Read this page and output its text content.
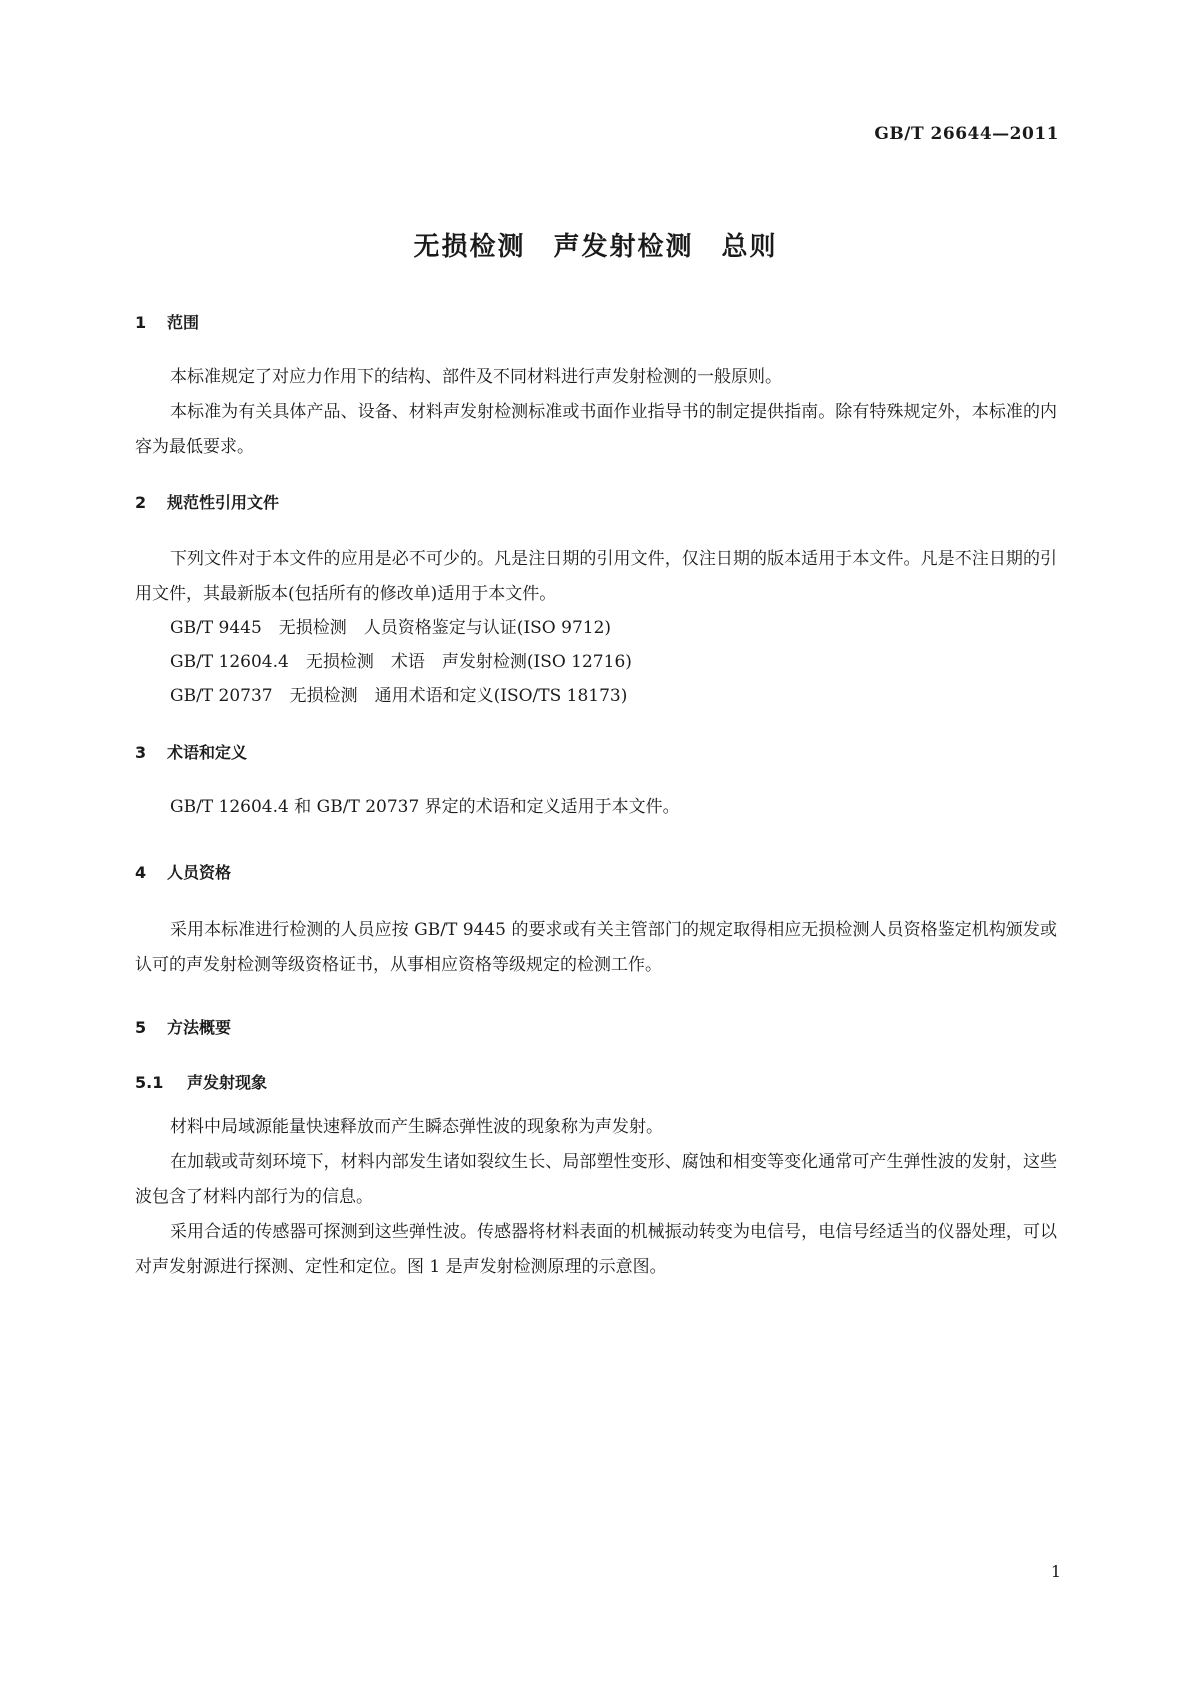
GB/T 26644—2011
无损检测　声发射检测　总则
1 范围
本标准规定了对应力作用下的结构、部件及不同材料进行声发射检测的一般原则。
本标准为有关具体产品、设备、材料声发射检测标准或书面作业指导书的制定提供指南。除有特殊规定外，本标准的内容为最低要求。
2 规范性引用文件
下列文件对于本文件的应用是必不可少的。凡是注日期的引用文件，仅注日期的版本适用于本文件。凡是不注日期的引用文件，其最新版本(包括所有的修改单)适用于本文件。
GB/T 9445　无损检测　人员资格鉴定与认证(ISO 9712)
GB/T 12604.4　无损检测　术语　声发射检测(ISO 12716)
GB/T 20737　无损检测　通用术语和定义(ISO/TS 18173)
3 术语和定义
GB/T 12604.4 和 GB/T 20737 界定的术语和定义适用于本文件。
4 人员资格
采用本标准进行检测的人员应按 GB/T 9445 的要求或有关主管部门的规定取得相应无损检测人员资格鉴定机构颁发或认可的声发射检测等级资格证书，从事相应资格等级规定的检测工作。
5 方法概要
5.1 声发射现象
材料中局域源能量快速释放而产生瞬态弹性波的现象称为声发射。
在加载或苛刻环境下，材料内部发生诸如裂纹生长、局部塑性变形、腐蚀和相变等变化通常可产生弹性波的发射，这些波包含了材料内部行为的信息。
采用合适的传感器可探测到这些弹性波。传感器将材料表面的机械振动转变为电信号，电信号经适当的仪器处理，可以对声发射源进行探测、定性和定位。图 1 是声发射检测原理的示意图。
1
